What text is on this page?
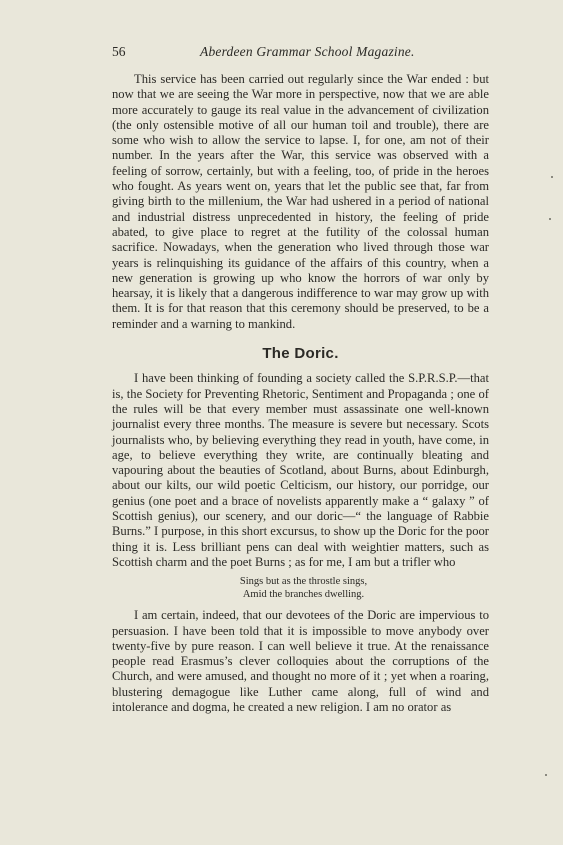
56	Aberdeen Grammar School Magazine.

This service has been carried out regularly since the War ended : but now that we are seeing the War more in perspective, now that we are able more accurately to gauge its real value in the advancement of civilization (the only ostensible motive of all our human toil and trouble), there are some who wish to allow the service to lapse. I, for one, am not of their number. In the years after the War, this service was observed with a feeling of sorrow, certainly, but with a feeling, too, of pride in the heroes who fought. As years went on, years that let the public see that, far from giving birth to the millenium, the War had ushered in a period of national and industrial distress unprecedented in history, the feeling of pride abated, to give place to regret at the futility of the colossal human sacrifice. Nowadays, when the generation who lived through those war years is relinquishing its guidance of the affairs of this country, when a new generation is growing up who know the horrors of war only by hearsay, it is likely that a dangerous indifference to war may grow up with them. It is for that reason that this ceremony should be preserved, to be a reminder and a warning to mankind.

The Doric.

I have been thinking of founding a society called the S.P.R.S.P.—that is, the Society for Preventing Rhetoric, Sentiment and Propaganda ; one of the rules will be that every member must assassinate one well-known journalist every three months. The measure is severe but necessary. Scots journalists who, by believing everything they read in youth, have come, in age, to believe everything they write, are continually bleating and vapouring about the beauties of Scotland, about Burns, about Edinburgh, about our kilts, our wild poetic Celticism, our history, our porridge, our genius (one poet and a brace of novelists apparently make a “ galaxy ” of Scottish genius), our scenery, and our doric—“ the language of Rabbie Burns.” I purpose, in this short excursus, to show up the Doric for the poor thing it is. Less brilliant pens can deal with weightier matters, such as Scottish charm and the poet Burns ; as for me, I am but a trifler who

Sings but as the throstle sings,
Amid the branches dwelling.

I am certain, indeed, that our devotees of the Doric are impervious to persuasion. I have been told that it is impossible to move anybody over twenty-five by pure reason. I can well believe it true. At the renaissance people read Erasmus’s clever colloquies about the corruptions of the Church, and were amused, and thought no more of it ; yet when a roaring, blustering demagogue like Luther came along, full of wind and intolerance and dogma, he created a new religion. I am no orator as
